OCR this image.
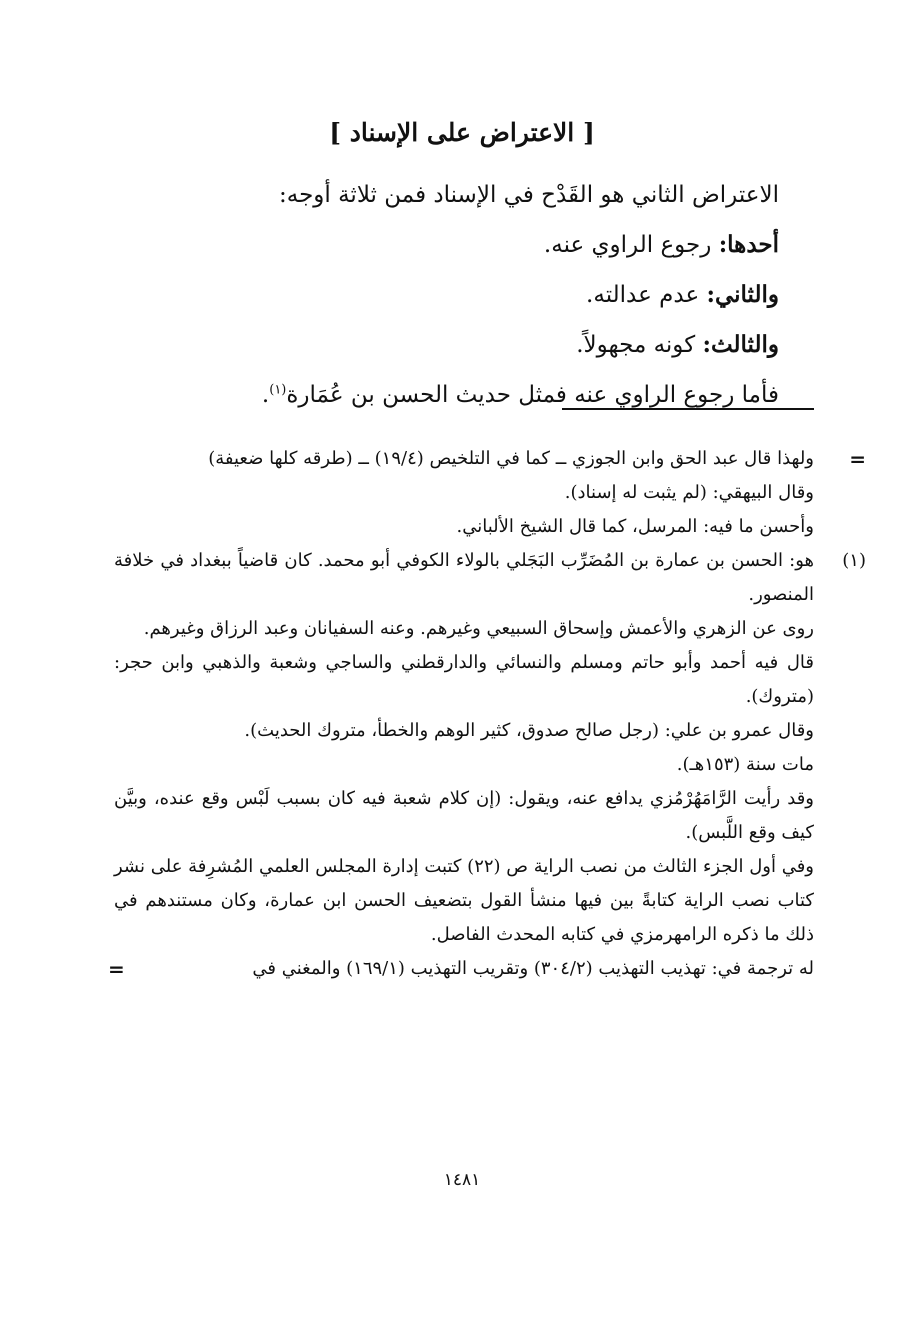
[ الاعتراض على الإسناد ]
الاعتراض الثاني هو القَدْح في الإسناد فمن ثلاثة أوجه:
أحدها: رجوع الراوي عنه.
والثاني: عدم عدالته.
والثالث: كونه مجهولاً.
فأما رجوع الراوي عنه فمثل حديث الحسن بن عُمَارة$^{(١)}$.
=
ولهذا قال عبد الحق وابن الجوزي ــ كما في التلخيص (١٩/٤) ــ (طرقه كلها ضعيفة)
وقال البيهقي: (لم يثبت له إسناد).
وأحسن ما فيه: المرسل، كما قال الشيخ الألباني.
(١)
هو: الحسن بن عمارة بن المُضَرِّب البَجَلي بالولاء الكوفي أبو محمد. كان قاضياً ببغداد في خلافة المنصور.
روى عن الزهري والأعمش وإسحاق السبيعي وغيرهم. وعنه السفيانان وعبد الرزاق وغيرهم.
قال فيه أحمد وأبو حاتم ومسلم والنسائي والدارقطني والساجي وشعبة والذهبي وابن حجر: (متروك).
وقال عمرو بن علي: (رجل صالح صدوق، كثير الوهم والخطأ، متروك الحديث).
مات سنة (١٥٣هـ).
وقد رأيت الرَّامَهُرْمُزي يدافع عنه، ويقول: (إن كلام شعبة فيه كان بسبب لَبْس وقع عنده، وبيَّن كيف وقع اللَّبس).
وفي أول الجزء الثالث من نصب الراية ص (٢٢) كتبت إدارة المجلس العلمي المُشرِفة على نشر كتاب نصب الراية كتابةً بين فيها منشأ القول بتضعيف الحسن ابن عمارة، وكان مستندهم في ذلك ما ذكره الرامهرمزي في كتابه المحدث الفاصل.
له ترجمة في: تهذيب التهذيب (٣٠٤/٢) وتقريب التهذيب (١٦٩/١) والمغني في
=
١٤٨١
